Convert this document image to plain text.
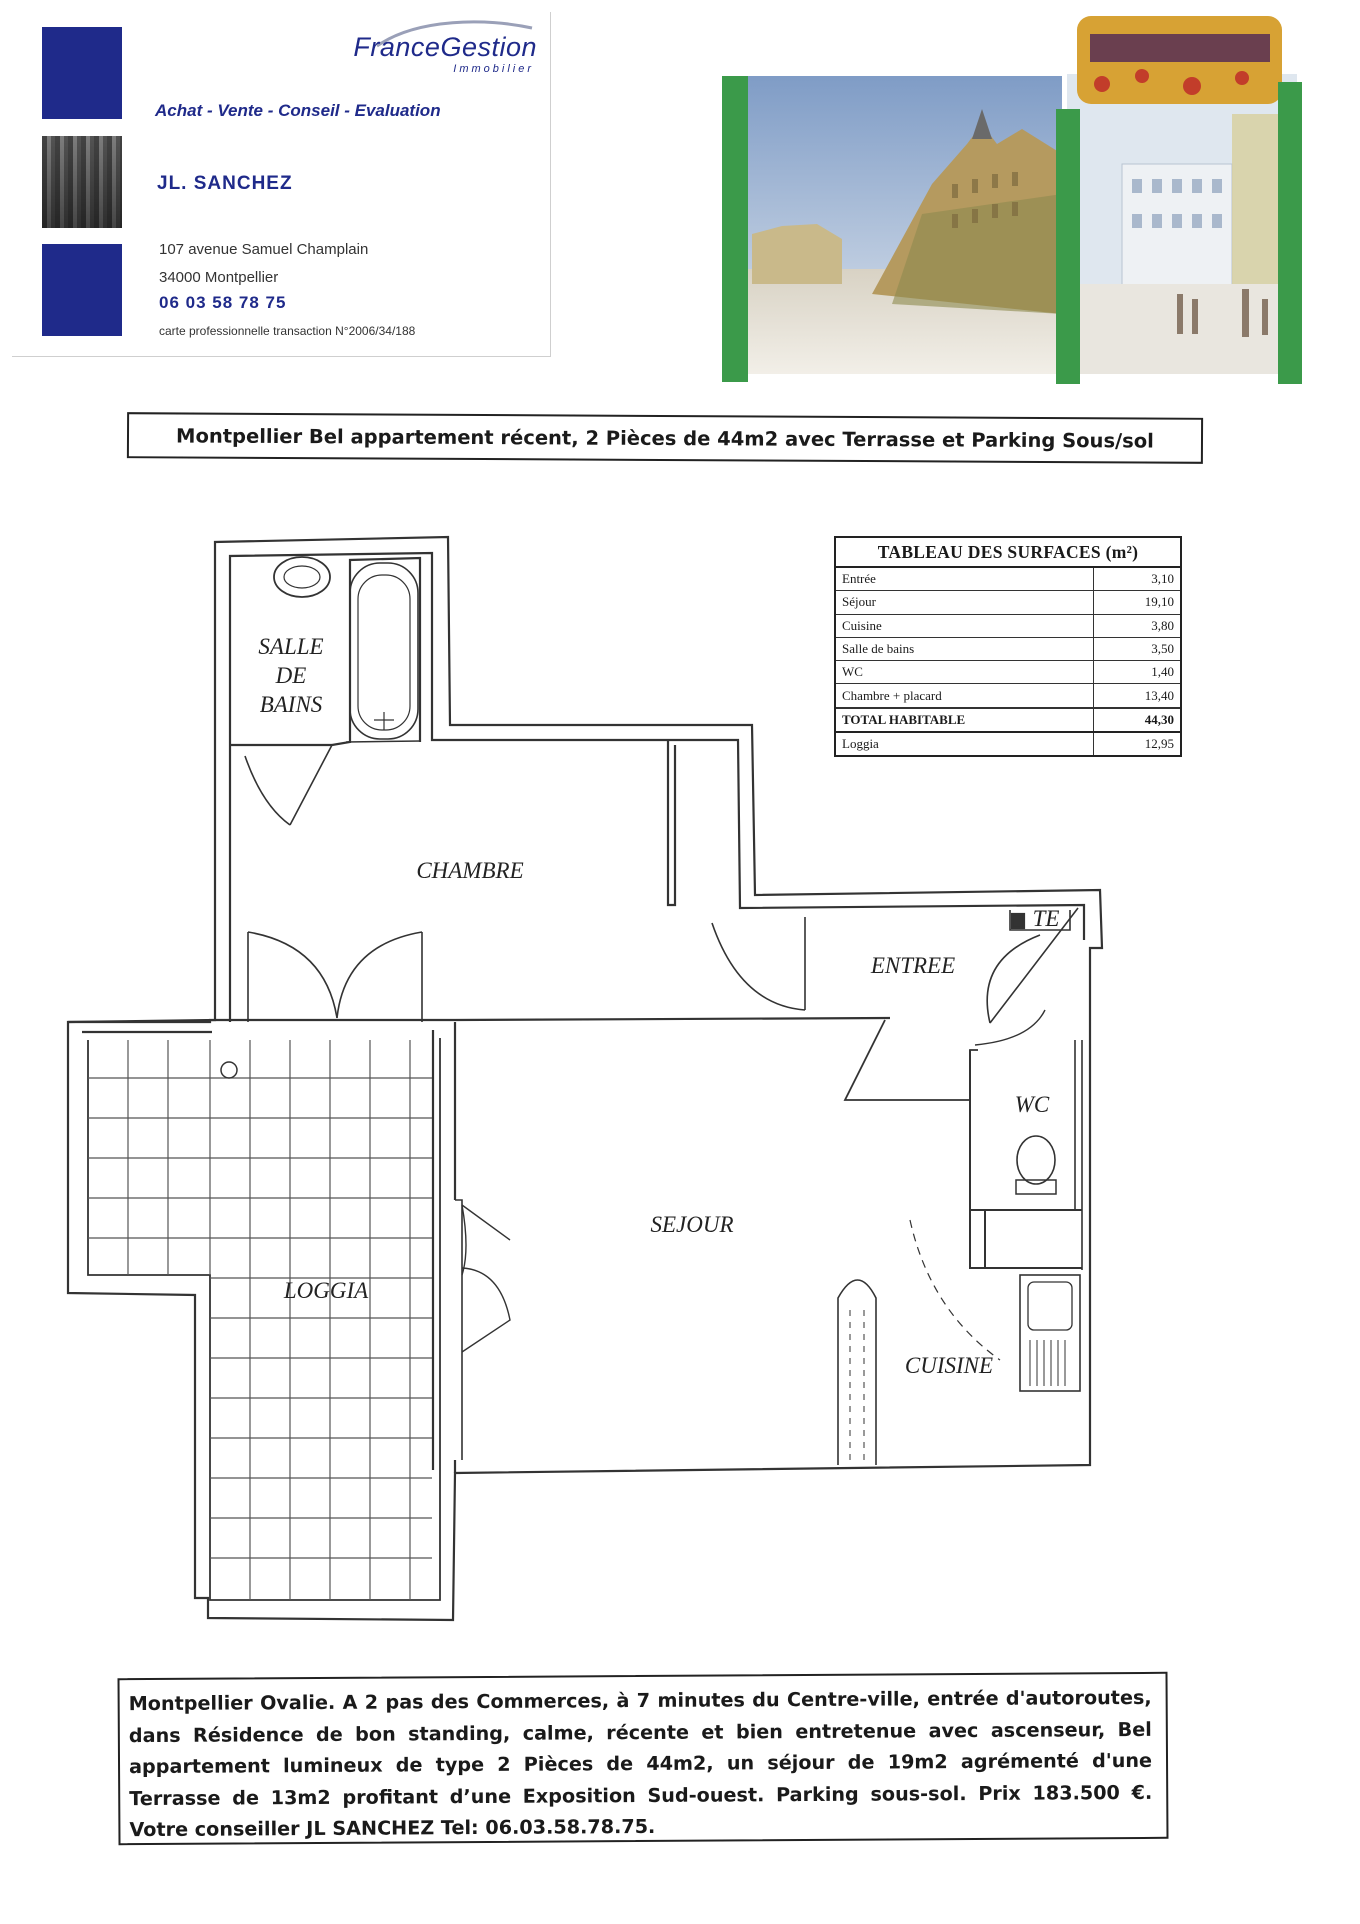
FranceGestion
Immobilier
Achat - Vente - Conseil - Evaluation
JL. SANCHEZ
107 avenue Samuel Champlain
34000 Montpellier
06 03 58 78 75
carte professionnelle transaction N°2006/34/188
Montpellier Bel appartement récent, 2 Pièces de 44m2 avec Terrasse et Parking Sous/sol
SALLE
DE
BAINS
CHAMBRE
TE
ENTREE
WC
SEJOUR
LOGGIA
CUISINE
TABLEAU DES SURFACES (m²)
Entrée	3,10
Séjour	19,10
Cuisine	3,80
Salle de bains	3,50
WC	1,40
Chambre + placard	13,40
TOTAL HABITABLE	44,30
Loggia	12,95

Montpellier Ovalie. A 2 pas des Commerces, à 7 minutes du Centre-ville, entrée d'autoroutes, dans Résidence de bon standing, calme, récente et bien entretenue avec ascenseur, Bel appartement lumineux de type 2 Pièces de 44m2, un séjour de 19m2 agrémenté d'une Terrasse de 13m2 profitant d’une Exposition Sud-ouest. Parking sous-sol. Prix 183.500 €. Votre conseiller JL SANCHEZ Tel: 06.03.58.78.75.
